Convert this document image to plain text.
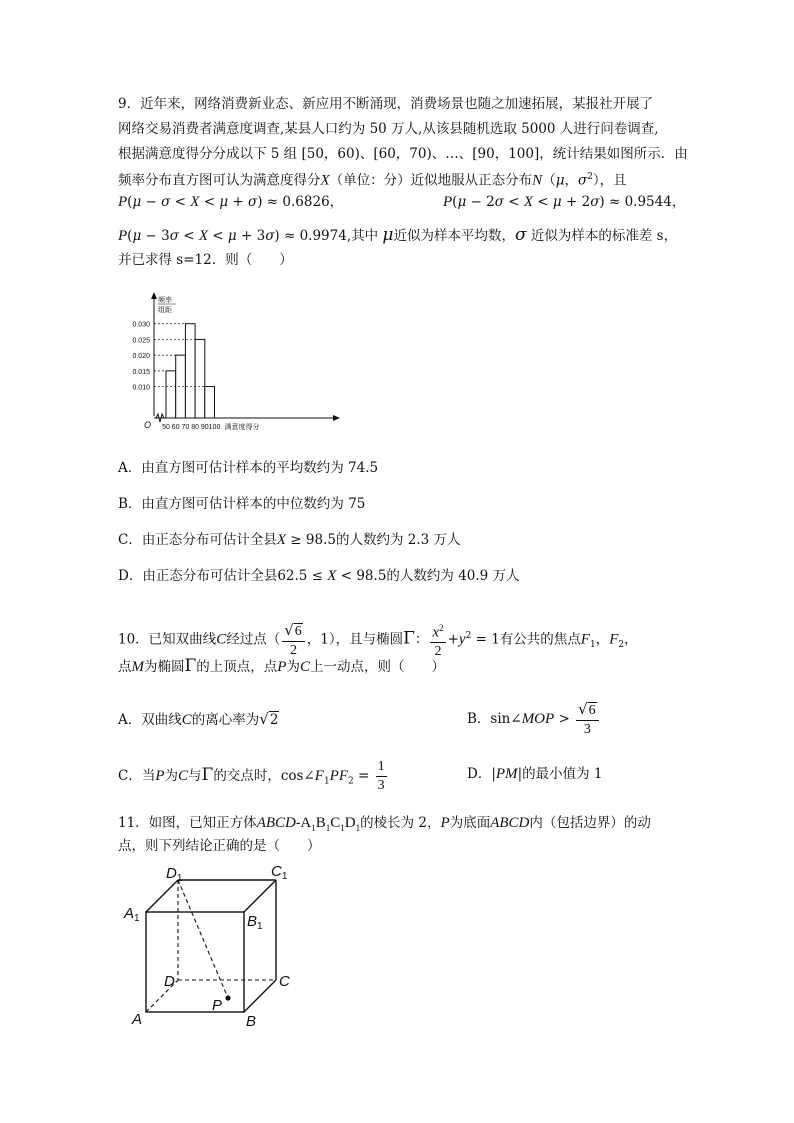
9．近年来，网络消费新业态、新应用不断涌现，消费场景也随之加速拓展，某报社开展了
网络交易消费者满意度调查,某县人口约为 50 万人,从该县随机选取 5000 人进行问卷调查,
根据满意度得分分成以下 5 组 [50，60)、[60，70)、…、[90，100]，统计结果如图所示．由
频率分布直方图可认为满意度得分X（单位：分）近似地服从正态分布N（μ，$\sigma^2$），且
P(μ − σ < X < μ + σ) ≈ 0.6826，	P(μ − 2σ < X < μ + 2σ) ≈ 0.9544，
P(μ − 3σ < X < μ + 3σ) ≈ 0.9974,其中 μ近似为样本平均数，σ 近似为样本的标准差 s，
并已求得 s=12．则（　　）
0.010
0.015
0.020
0.025
0.030
50 60 70 80 90 100
O
频率
组距
满意度得分
A．由直方图可估计样本的平均数约为 74.5
B．由直方图可估计样本的中位数约为 75
C．由正态分布可估计全县X ≥ 98.5的人数约为 2.3 万人
D．由正态分布可估计全县62.5 ≤ X < 98.5的人数约为 40.9 万人
10．已知双曲线C经过点（ $\frac{√6}{2}$ ，1），且与椭圆Γ： $\frac{x^2}{2} +y^2 = 1$有公共的焦点$F_1$，$F_2$，
点M为椭圆Γ的上顶点，点P为C上一动点，则（　　）
A．双曲线C的离心率为√2	B．sin∠MOP > $\frac{√6}{3}$
C．当P为C与Γ的交点时，$\cos\angle F_1PF_2 = \frac{1}{3}$	D．|PM|的最小值为 1
11．如图，已知正方体ABCD-$A_1B_1C_1D_1$的棱长为 2，P为底面ABCD内（包括边界）的动
点，则下列结论正确的是（　　）
$D_1$	$C_1$
$A_1$	$B_1$
D	C
P
A	B
